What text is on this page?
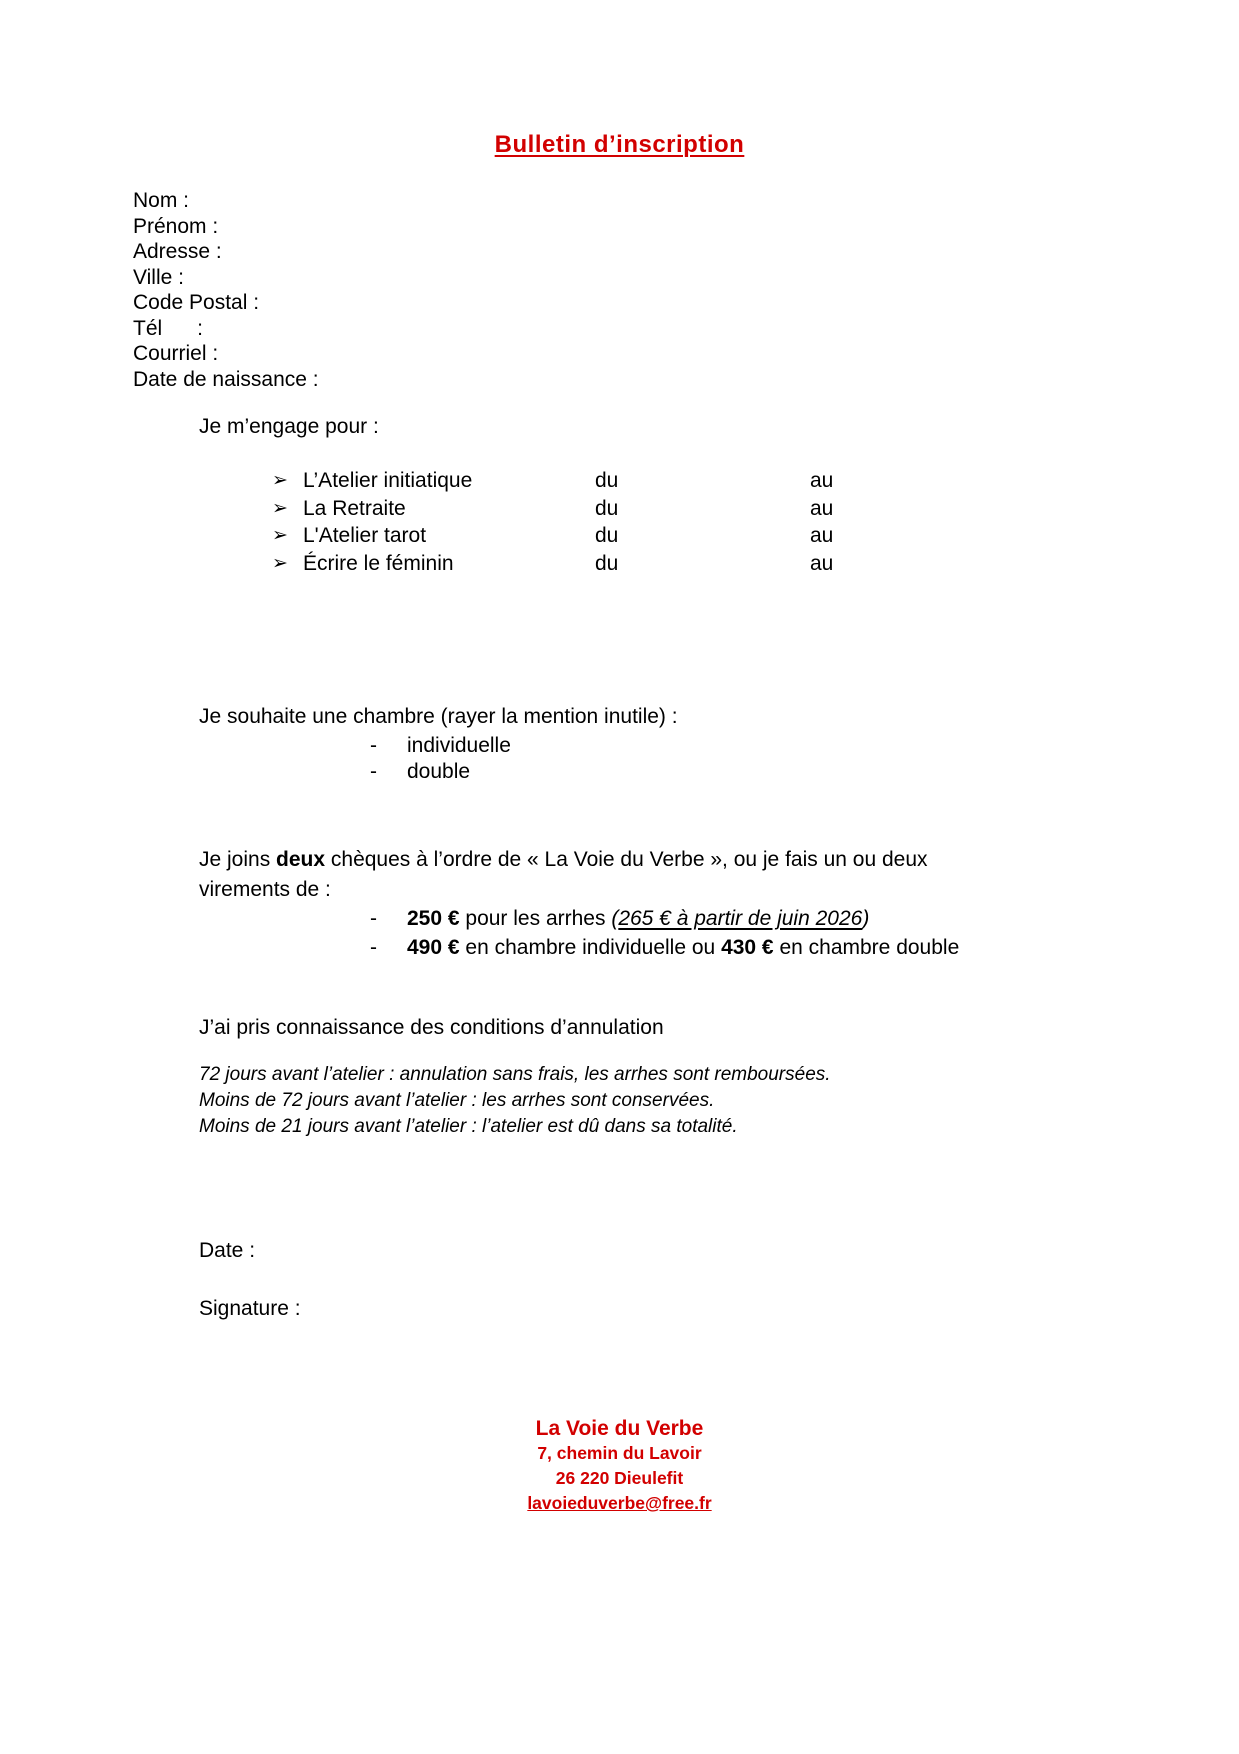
Bulletin d’inscription
Nom :
Prénom :
Adresse :
Ville :
Code Postal :
Tél      :
Courriel :
Date de naissance :
Je m’engage pour :
➢ L’Atelier initiatique	du	au
➢ La Retraite	du	au
➢ L'Atelier tarot	du	au
➢ Écrire le féminin	du	au
Je souhaite une chambre (rayer la mention inutile) :
-	individuelle
-	double
Je joins deux chèques à l’ordre de « La Voie du Verbe », ou je fais un ou deux
virements de :
-	250 € pour les arrhes (265 € à partir de juin 2026)
-	490 € en chambre individuelle ou 430 € en chambre double
J’ai pris connaissance des conditions d’annulation
72 jours avant l’atelier : annulation sans frais, les arrhes sont remboursées.
Moins de 72 jours avant l’atelier : les arrhes sont conservées.
Moins de 21 jours avant l’atelier : l’atelier est dû dans sa totalité.
Date :
Signature :
La Voie du Verbe
7, chemin du Lavoir
26 220 Dieulefit
lavoieduverbe@free.fr
